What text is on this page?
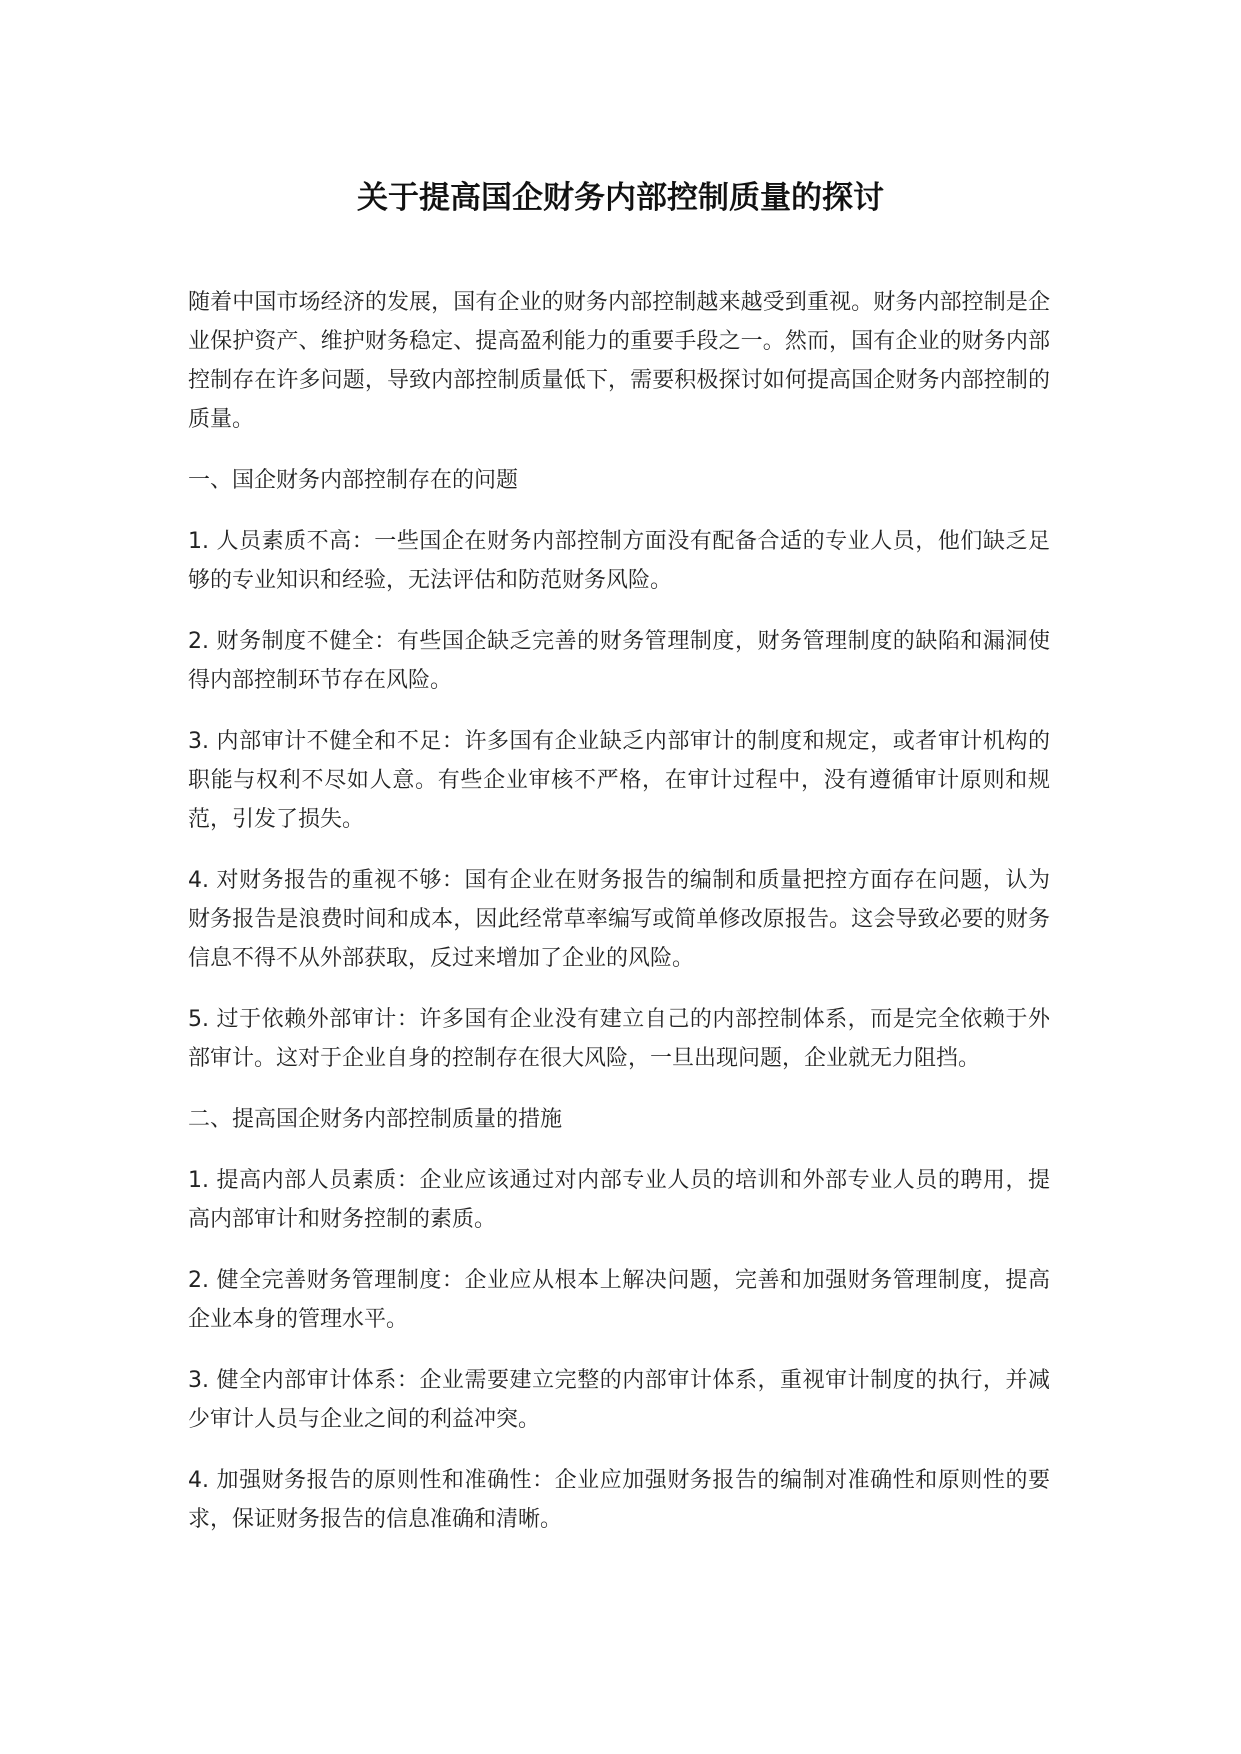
关于提高国企财务内部控制质量的探讨

随着中国市场经济的发展，国有企业的财务内部控制越来越受到重视。财务内部控制是企业保护资产、维护财务稳定、提高盈利能力的重要手段之一。然而，国有企业的财务内部控制存在许多问题，导致内部控制质量低下，需要积极探讨如何提高国企财务内部控制的质量。

一、国企财务内部控制存在的问题

1. 人员素质不高：一些国企在财务内部控制方面没有配备合适的专业人员，他们缺乏足够的专业知识和经验，无法评估和防范财务风险。

2. 财务制度不健全：有些国企缺乏完善的财务管理制度，财务管理制度的缺陷和漏洞使得内部控制环节存在风险。

3. 内部审计不健全和不足：许多国有企业缺乏内部审计的制度和规定，或者审计机构的职能与权利不尽如人意。有些企业审核不严格，在审计过程中，没有遵循审计原则和规范，引发了损失。

4. 对财务报告的重视不够：国有企业在财务报告的编制和质量把控方面存在问题，认为财务报告是浪费时间和成本，因此经常草率编写或简单修改原报告。这会导致必要的财务信息不得不从外部获取，反过来增加了企业的风险。

5. 过于依赖外部审计：许多国有企业没有建立自己的内部控制体系，而是完全依赖于外部审计。这对于企业自身的控制存在很大风险，一旦出现问题，企业就无力阻挡。

二、提高国企财务内部控制质量的措施

1. 提高内部人员素质：企业应该通过对内部专业人员的培训和外部专业人员的聘用，提高内部审计和财务控制的素质。

2. 健全完善财务管理制度：企业应从根本上解决问题，完善和加强财务管理制度，提高企业本身的管理水平。

3. 健全内部审计体系：企业需要建立完整的内部审计体系，重视审计制度的执行，并减少审计人员与企业之间的利益冲突。

4. 加强财务报告的原则性和准确性：企业应加强财务报告的编制对准确性和原则性的要求，保证财务报告的信息准确和清晰。
